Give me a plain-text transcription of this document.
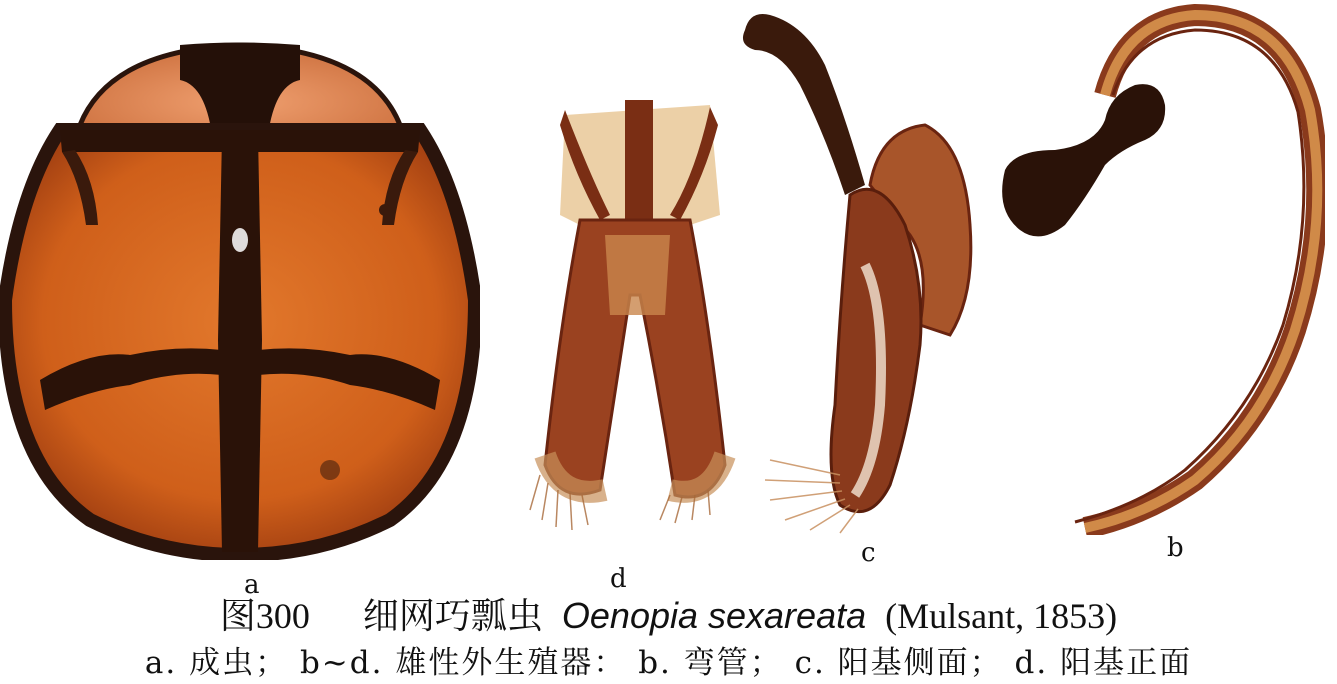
a	d
c	b
图300 细网巧瓢虫 Oenopia sexareata (Mulsant, 1853)
a. 成虫； b~d. 雄性外生殖器： b. 弯管； c. 阳基侧面； d. 阳基正面
